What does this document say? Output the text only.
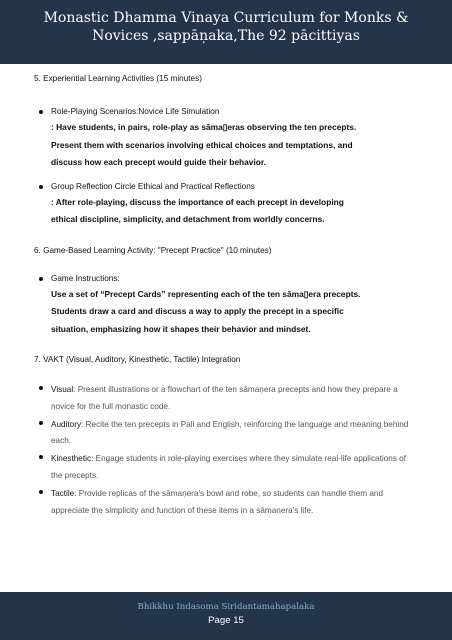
Monastic Dhamma Vinaya Curriculum for Monks &
Novices ,sappāṇaka,The 92 pācittiyas

5. Experiential Learning Activities (15 minutes)

Role-Playing Scenarios:Novice Life Simulation
: Have students, in pairs, role-play as sāma▯eras observing the ten precepts.
Present them with scenarios involving ethical choices and temptations, and
discuss how each precept would guide their behavior.
Group Reflection Circle Ethical and Practical Reflections
: After role-playing, discuss the importance of each precept in developing
ethical discipline, simplicity, and detachment from worldly concerns.

6. Game-Based Learning Activity: "Precept Practice" (10 minutes)

Game Instructions:
Use a set of “Precept Cards” representing each of the ten sāma▯era precepts.
Students draw a card and discuss a way to apply the precept in a specific
situation, emphasizing how it shapes their behavior and mindset.

7. VAKT (Visual, Auditory, Kinesthetic, Tactile) Integration

Visual: Present illustrations or a flowchart of the ten sāmaṇera precepts and how they prepare a
novice for the full monastic code.
Auditory: Recite the ten precepts in Pali and English, reinforcing the language and meaning behind
each.
Kinesthetic: Engage students in role-playing exercises where they simulate real-life applications of
the precepts.
Tactile: Provide replicas of the sāmaṇera's bowl and robe, so students can handle them and
appreciate the simplicity and function of these items in a sāmaṇera's life.
Bhikkhu Indasoma Siridantamahapalaka
Page 15
